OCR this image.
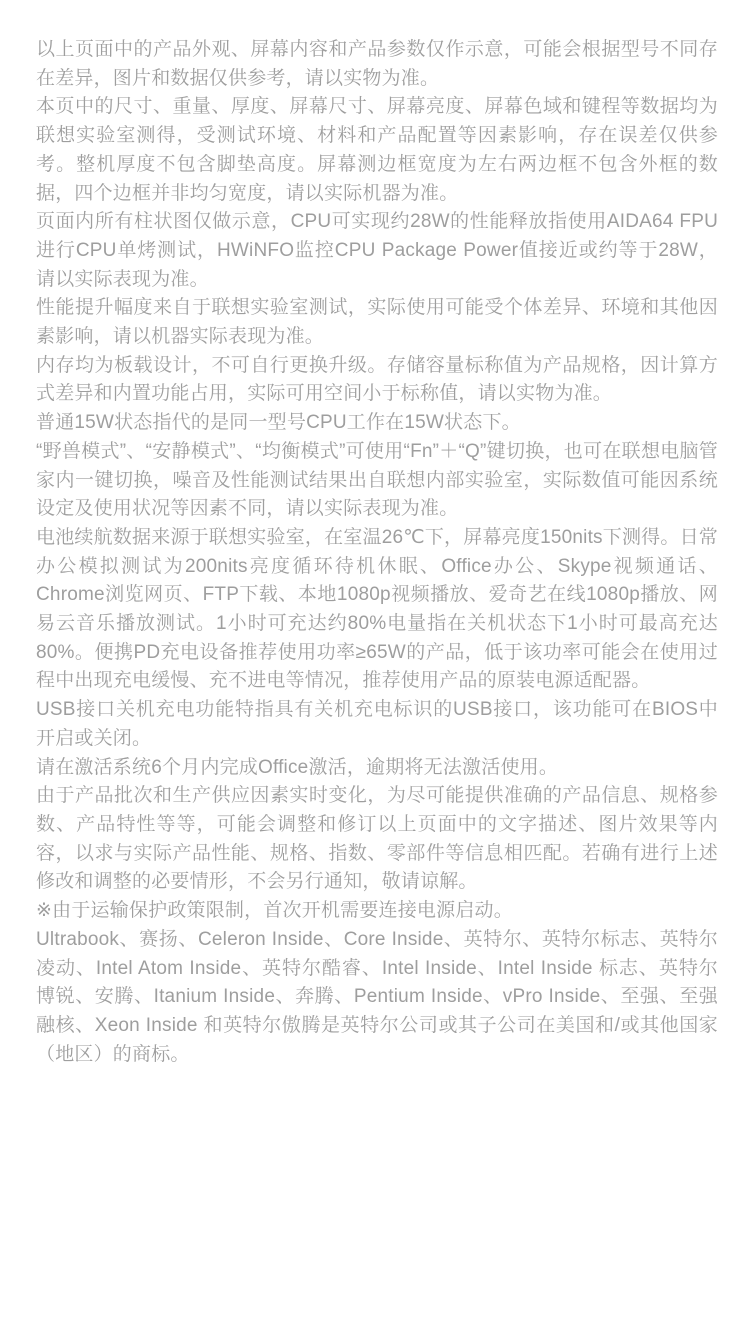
以上页面中的产品外观、屏幕内容和产品参数仅作示意，可能会根据型号不同存在差异，图片和数据仅供参考，请以实物为准。

本页中的尺寸、重量、厚度、屏幕尺寸、屏幕亮度、屏幕色域和键程等数据均为联想实验室测得，受测试环境、材料和产品配置等因素影响，存在误差仅供参考。整机厚度不包含脚垫高度。屏幕测边框宽度为左右两边框不包含外框的数据，四个边框并非均匀宽度，请以实际机器为准。

页面内所有柱状图仅做示意，CPU可实现约28W的性能释放指使用AIDA64 FPU进行CPU单烤测试，HWiNFO监控CPU Package Power值接近或约等于28W，请以实际表现为准。

性能提升幅度来自于联想实验室测试，实际使用可能受个体差异、环境和其他因素影响，请以机器实际表现为准。

内存均为板载设计，不可自行更换升级。存储容量标称值为产品规格，因计算方式差异和内置功能占用，实际可用空间小于标称值，请以实物为准。

普通15W状态指代的是同一型号CPU工作在15W状态下。

“野兽模式”、“安静模式”、“均衡模式”可使用“Fn”＋“Q”键切换，也可在联想电脑管家内一键切换，噪音及性能测试结果出自联想内部实验室，实际数值可能因系统设定及使用状况等因素不同，请以实际表现为准。

电池续航数据来源于联想实验室，在室温26℃下，屏幕亮度150nits下测得。日常办公模拟测试为200nits亮度循环待机休眠、Office办公、Skype视频通话、Chrome浏览网页、FTP下载、本地1080p视频播放、爱奇艺在线1080p播放、网易云音乐播放测试。1小时可充达约80%电量指在关机状态下1小时可最高充达80%。便携PD充电设备推荐使用功率≥65W的产品，低于该功率可能会在使用过程中出现充电缓慢、充不进电等情况，推荐使用产品的原装电源适配器。

USB接口关机充电功能特指具有关机充电标识的USB接口，该功能可在BIOS中开启或关闭。

请在激活系统6个月内完成Office激活，逾期将无法激活使用。

由于产品批次和生产供应因素实时变化，为尽可能提供准确的产品信息、规格参数、产品特性等等，可能会调整和修订以上页面中的文字描述、图片效果等内容，以求与实际产品性能、规格、指数、零部件等信息相匹配。若确有进行上述修改和调整的必要情形，不会另行通知，敬请谅解。

※由于运输保护政策限制，首次开机需要连接电源启动。

Ultrabook、赛扬、Celeron Inside、Core Inside、英特尔、英特尔标志、英特尔凌动、Intel Atom Inside、英特尔酷睿、Intel Inside、Intel Inside 标志、英特尔博锐、安腾、Itanium Inside、奔腾、Pentium Inside、vPro Inside、至强、至强融核、Xeon Inside 和英特尔傲腾是英特尔公司或其子公司在美国和/或其他国家（地区）的商标。
